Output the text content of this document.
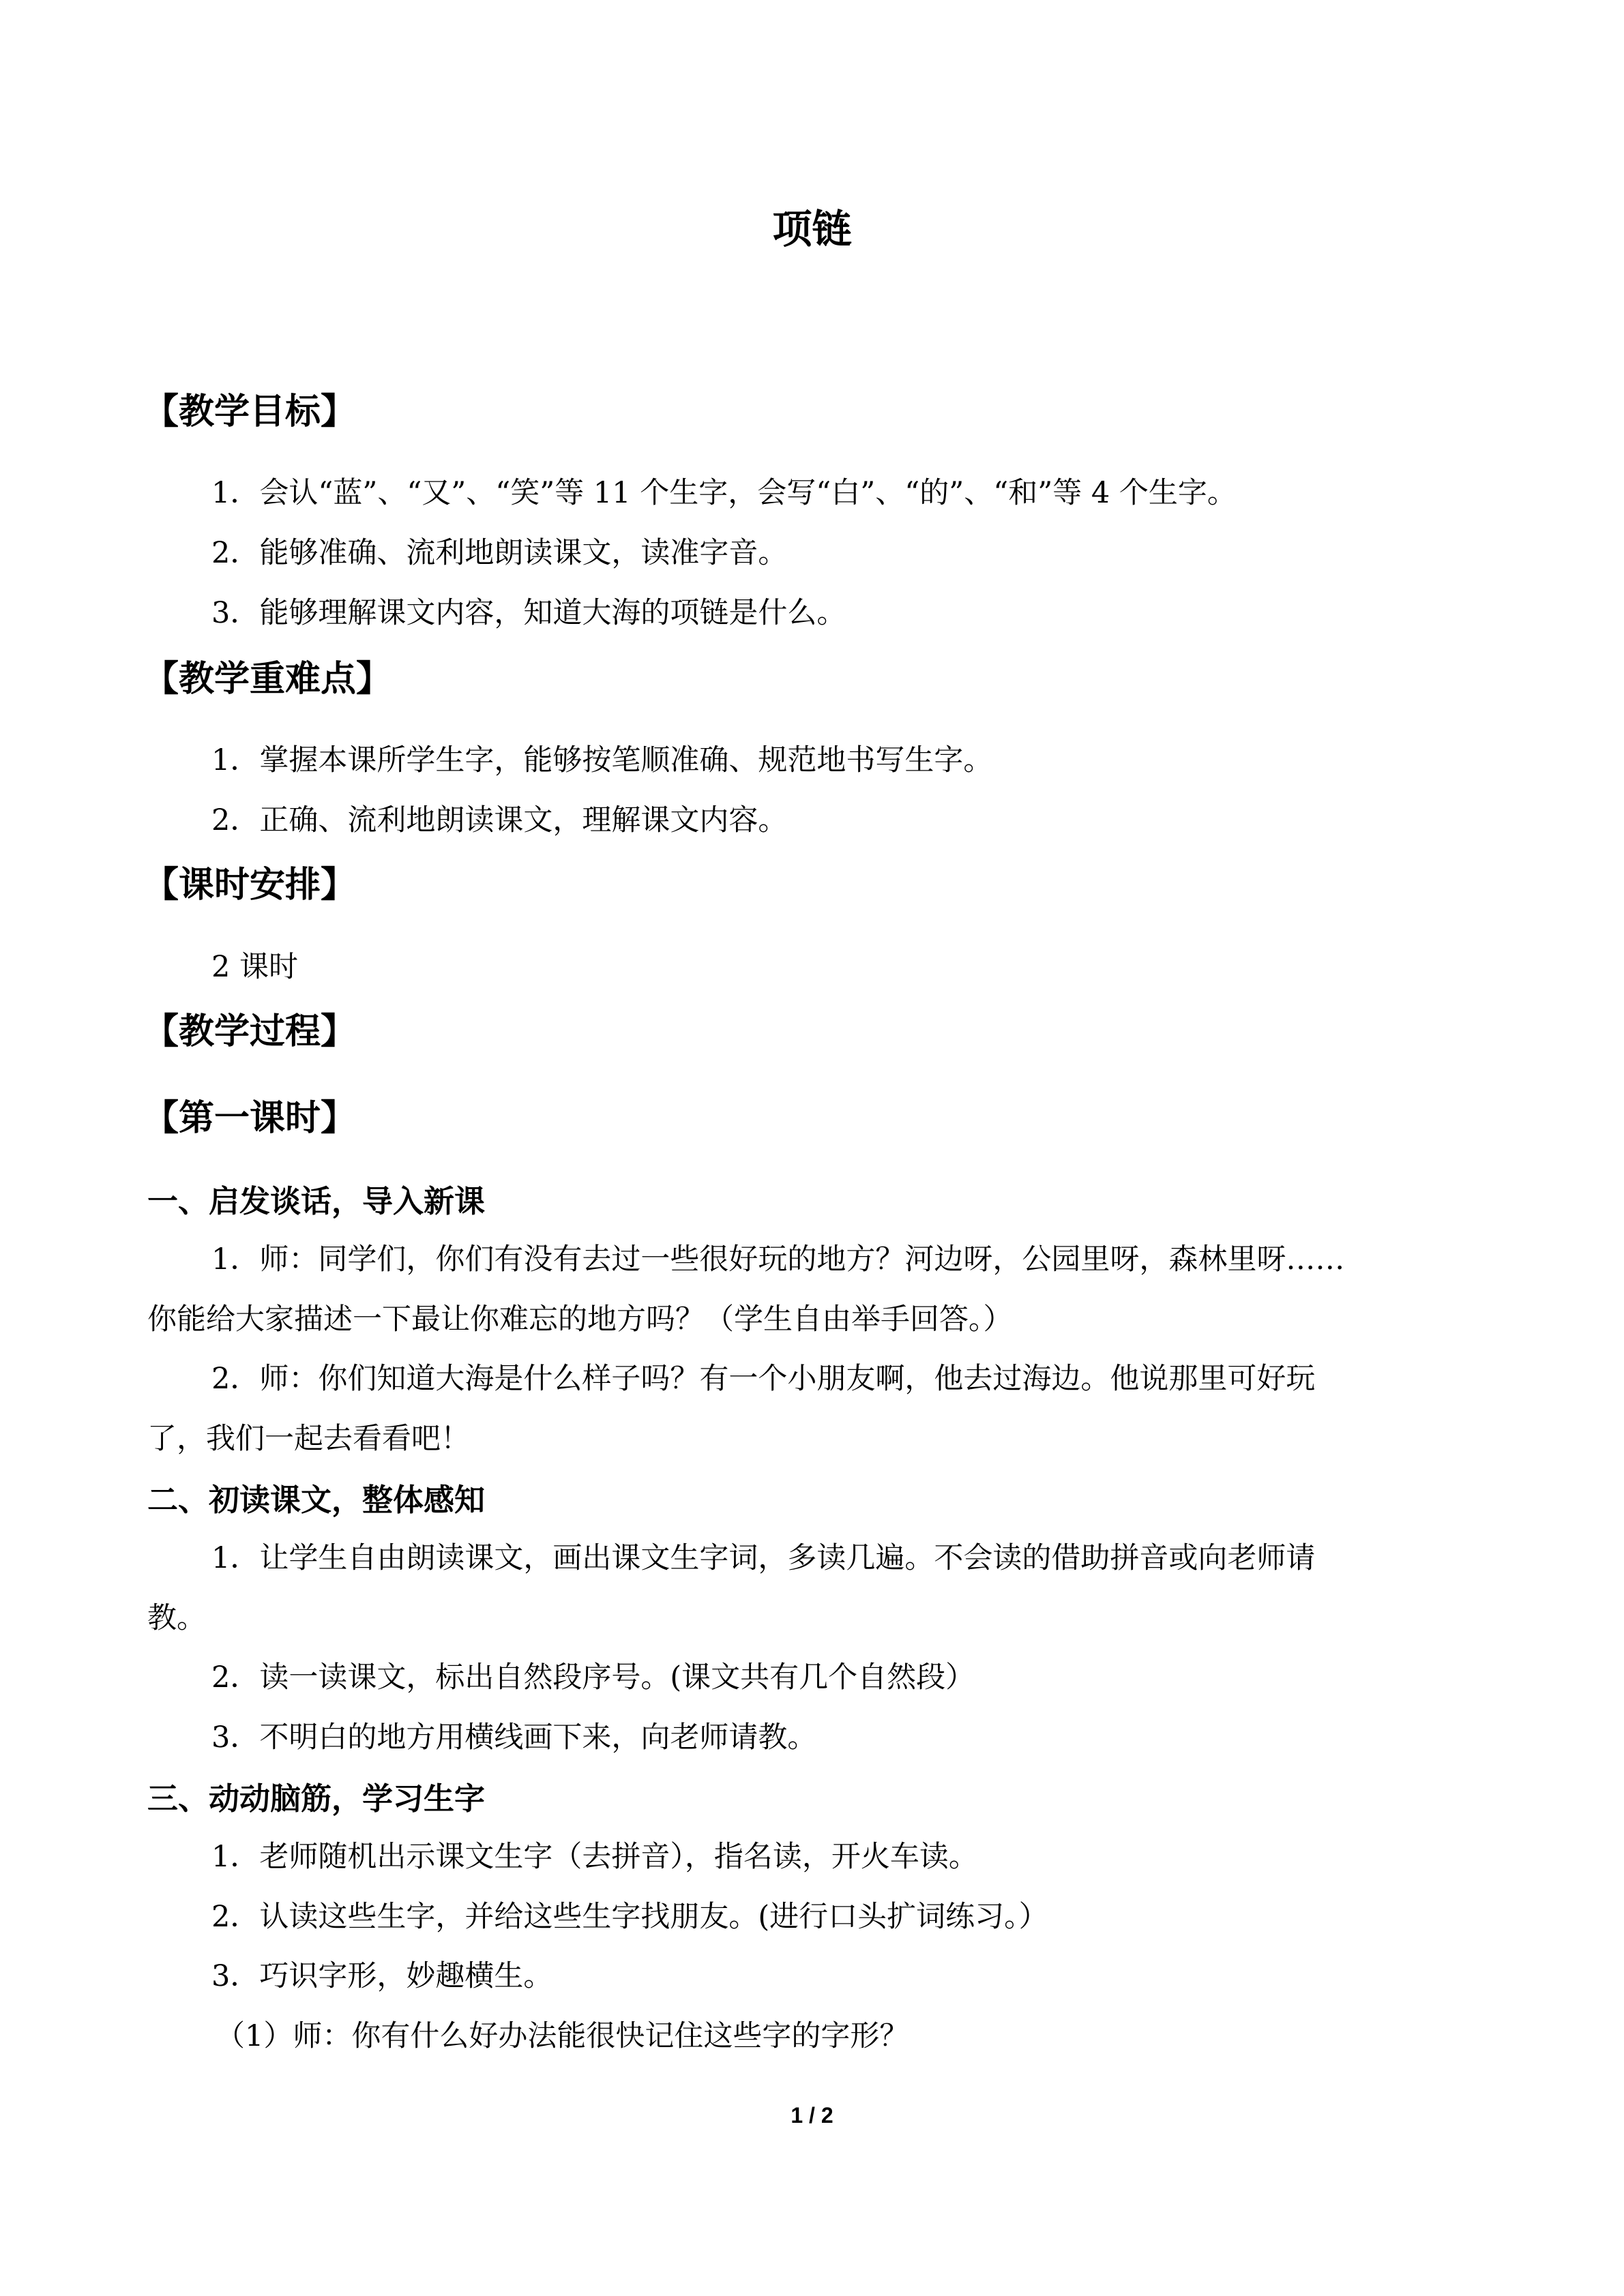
项链
【教学目标】
1．会认“蓝”、“又”、“笑”等 11 个生字，会写“白”、“的”、“和”等 4 个生字。
2．能够准确、流利地朗读课文，读准字音。
3．能够理解课文内容，知道大海的项链是什么。
【教学重难点】
1．掌握本课所学生字，能够按笔顺准确、规范地书写生字。
2．正确、流利地朗读课文，理解课文内容。
【课时安排】
2 课时
【教学过程】
【第一课时】
一、启发谈话，导入新课
1．师：同学们，你们有没有去过一些很好玩的地方？河边呀，公园里呀，森林里呀……
你能给大家描述一下最让你难忘的地方吗？（学生自由举手回答。）
2．师：你们知道大海是什么样子吗？有一个小朋友啊，他去过海边。他说那里可好玩
了，我们一起去看看吧！
二、初读课文，整体感知
1．让学生自由朗读课文，画出课文生字词，多读几遍。不会读的借助拼音或向老师请
教。
2．读一读课文，标出自然段序号。(课文共有几个自然段）
3．不明白的地方用横线画下来，向老师请教。
三、动动脑筋，学习生字
1．老师随机出示课文生字（去拼音），指名读，开火车读。
2．认读这些生字，并给这些生字找朋友。(进行口头扩词练习。）
3．巧识字形，妙趣横生。
（1）师：你有什么好办法能很快记住这些字的字形？
1 / 2
